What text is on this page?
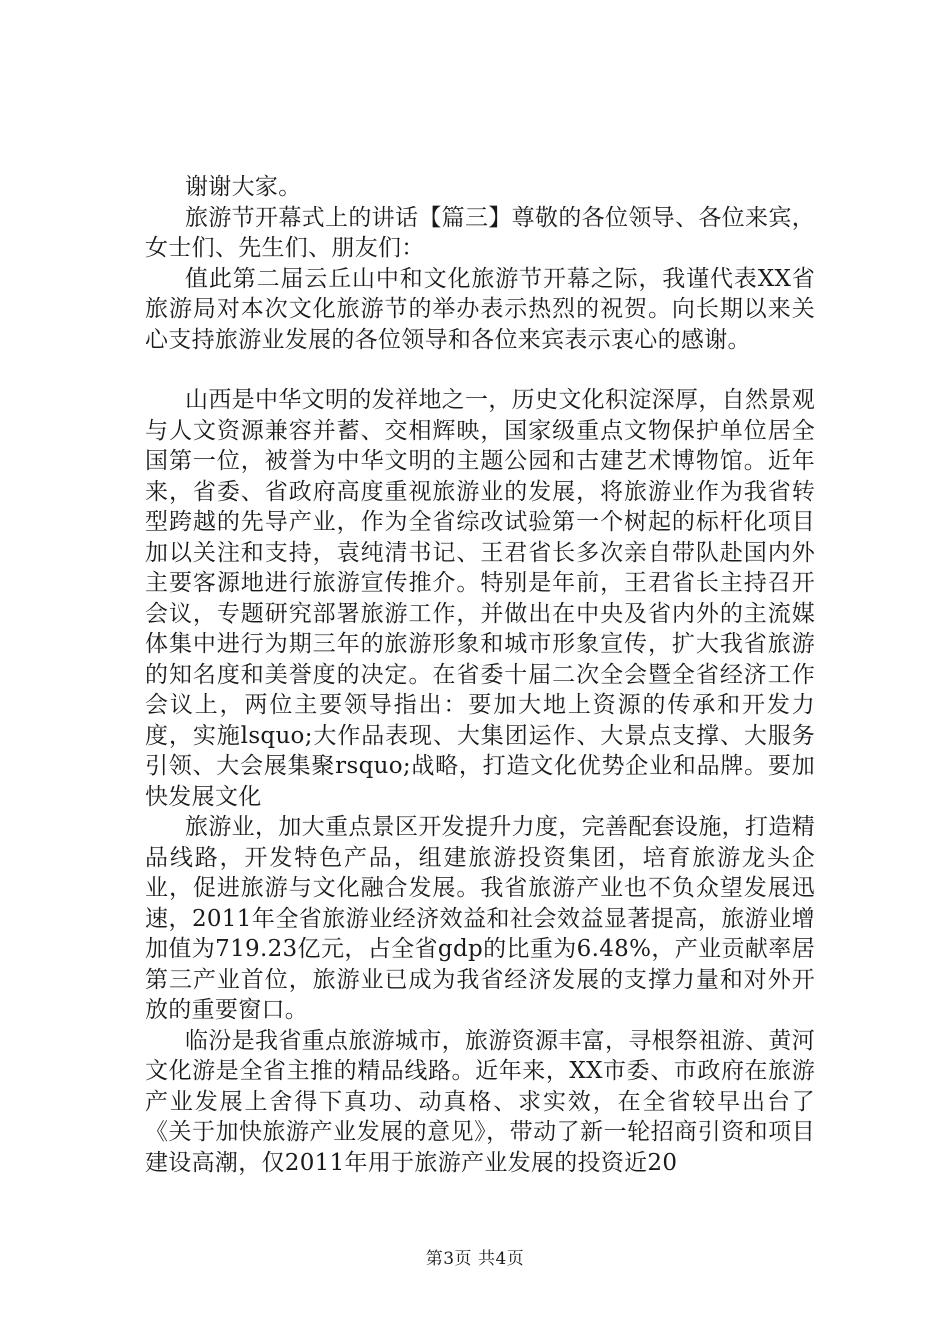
谢谢大家。

旅游节开幕式上的讲话【篇三】尊敬的各位领导、各位来宾，女士们、先生们、朋友们：

值此第二届云丘山中和文化旅游节开幕之际，我谨代表XX省旅游局对本次文化旅游节的举办表示热烈的祝贺。向长期以来关心支持旅游业发展的各位领导和各位来宾表示衷心的感谢。

山西是中华文明的发祥地之一，历史文化积淀深厚，自然景观与人文资源兼容并蓄、交相辉映，国家级重点文物保护单位居全国第一位，被誉为中华文明的主题公园和古建艺术博物馆。近年来，省委、省政府高度重视旅游业的发展，将旅游业作为我省转型跨越的先导产业，作为全省综改试验第一个树起的标杆化项目加以关注和支持，袁纯清书记、王君省长多次亲自带队赴国内外主要客源地进行旅游宣传推介。特别是年前，王君省长主持召开会议，专题研究部署旅游工作，并做出在中央及省内外的主流媒体集中进行为期三年的旅游形象和城市形象宣传，扩大我省旅游的知名度和美誉度的决定。在省委十届二次全会暨全省经济工作会议上，两位主要领导指出：要加大地上资源的传承和开发力度，实施lsquo;大作品表现、大集团运作、大景点支撑、大服务引领、大会展集聚rsquo;战略，打造文化优势企业和品牌。要加快发展文化

旅游业，加大重点景区开发提升力度，完善配套设施，打造精品线路，开发特色产品，组建旅游投资集团，培育旅游龙头企业，促进旅游与文化融合发展。我省旅游产业也不负众望发展迅速，2011年全省旅游业经济效益和社会效益显著提高，旅游业增加值为719.23亿元，占全省gdp的比重为6.48%，产业贡献率居第三产业首位，旅游业已成为我省经济发展的支撑力量和对外开放的重要窗口。

临汾是我省重点旅游城市，旅游资源丰富，寻根祭祖游、黄河文化游是全省主推的精品线路。近年来，XX市委、市政府在旅游产业发展上舍得下真功、动真格、求实效，在全省较早出台了《关于加快旅游产业发展的意见》，带动了新一轮招商引资和项目建设高潮，仅2011年用于旅游产业发展的投资近20

第3页 共4页
